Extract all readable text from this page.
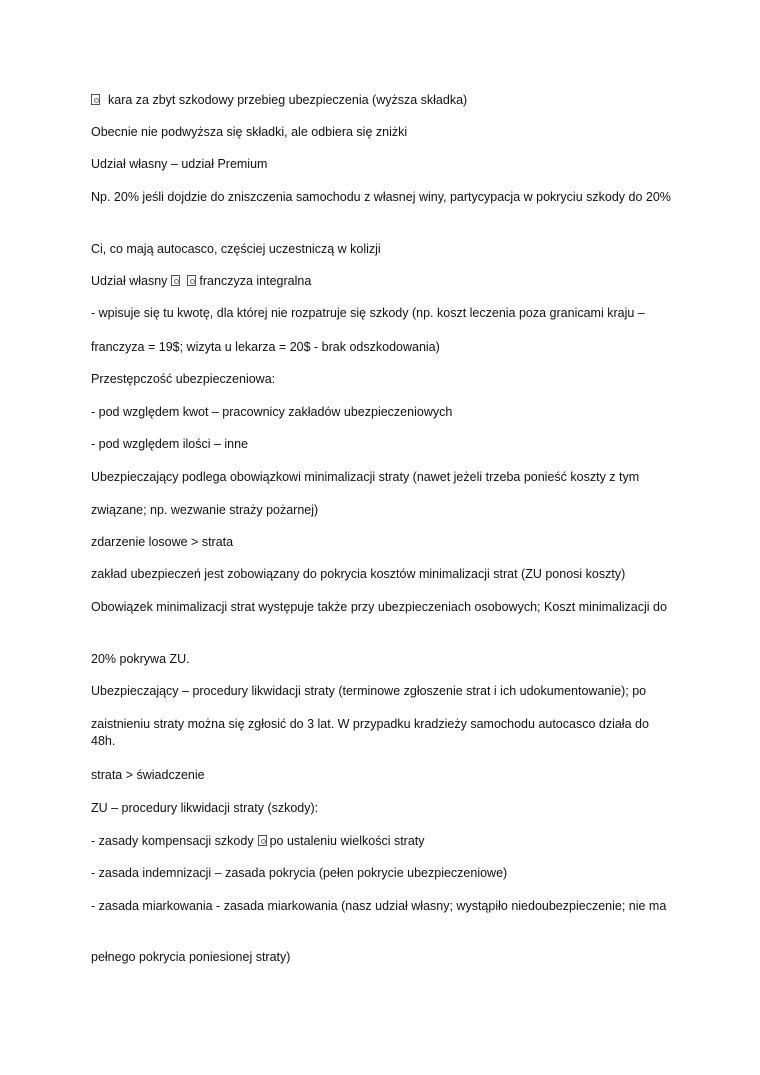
kara za zbyt szkodowy przebieg ubezpieczenia (wyższa składka)
Obecnie nie podwyższa się składki, ale odbiera się zniżki
Udział własny – udział Premium
Np. 20% jeśli dojdzie do zniszczenia samochodu z własnej winy, partycypacja w pokryciu szkody do 20%
Ci, co mają autocasco, częściej uczestniczą w kolizji
Udział własny	franczyza integralna
- wpisuje się tu kwotę, dla której nie rozpatruje się szkody (np. koszt leczenia poza granicami kraju –
franczyza = 19$; wizyta u lekarza = 20$ - brak odszkodowania)
Przestępczość ubezpieczeniowa:
- pod względem kwot – pracownicy zakładów ubezpieczeniowych
- pod względem ilości – inne
Ubezpieczający podlega obowiązkowi minimalizacji straty (nawet jeżeli trzeba ponieść koszty z tym
związane; np. wezwanie straży pożarnej)
zdarzenie losowe > strata
zakład ubezpieczeń jest zobowiązany do pokrycia kosztów minimalizacji strat (ZU ponosi koszty)
Obowiązek minimalizacji strat występuje także przy ubezpieczeniach osobowych; Koszt minimalizacji do
20% pokrywa ZU.
Ubezpieczający – procedury likwidacji straty (terminowe zgłoszenie strat i ich udokumentowanie); po
zaistnieniu straty można się zgłosić do 3 lat. W przypadku kradzieży samochodu autocasco działa do 48h.
strata > świadczenie
ZU – procedury likwidacji straty (szkody):
- zasady kompensacji szkody po ustaleniu wielkości straty
- zasada indemnizacji – zasada pokrycia (pełen pokrycie ubezpieczeniowe)
- zasada miarkowania - zasada miarkowania (nasz udział własny; wystąpiło niedoubezpieczenie; nie ma
pełnego pokrycia poniesionej straty)
